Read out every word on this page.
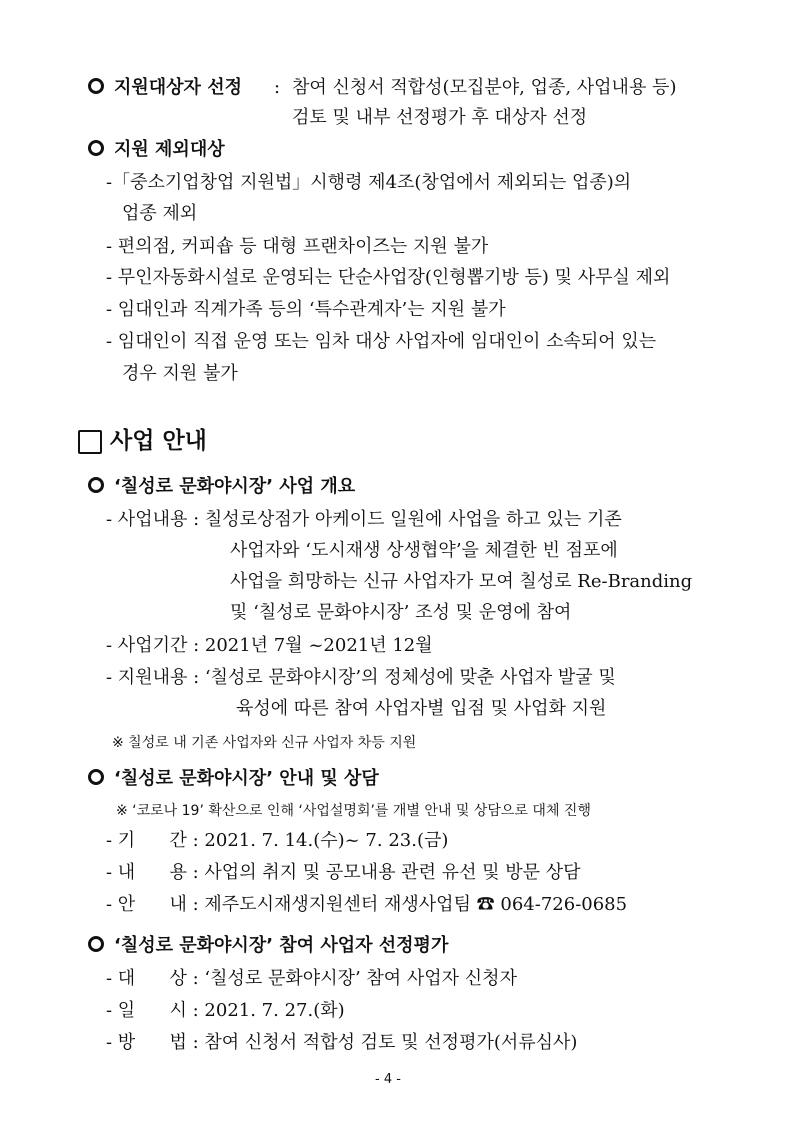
지원대상자 선정 : 참여 신청서 적합성(모집분야, 업종, 사업내용 등)
검토 및 내부 선정평가 후 대상자 선정
지원 제외대상
-「중소기업창업 지원법」시행령 제4조(창업에서 제외되는 업종)의
업종 제외
- 편의점, 커피숍 등 대형 프랜차이즈는 지원 불가
- 무인자동화시설로 운영되는 단순사업장(인형뽑기방 등) 및 사무실 제외
- 임대인과 직계가족 등의 ‘특수관계자’는 지원 불가
- 임대인이 직접 운영 또는 임차 대상 사업자에 임대인이 소속되어 있는
경우 지원 불가
사업 안내
‘칠성로 문화야시장’ 사업 개요
- 사업내용 : 칠성로상점가 아케이드 일원에 사업을 하고 있는 기존
사업자와 ‘도시재생 상생협약’을 체결한 빈 점포에
사업을 희망하는 신규 사업자가 모여 칠성로 Re-Branding
및 ‘칠성로 문화야시장’ 조성 및 운영에 참여
- 사업기간 : 2021년 7월 ~2021년 12월
- 지원내용 : ‘칠성로 문화야시장’의 정체성에 맞춘 사업자 발굴 및
육성에 따른 참여 사업자별 입점 및 사업화 지원
※ 칠성로 내 기존 사업자와 신규 사업자 차등 지원
‘칠성로 문화야시장’ 안내 및 상담
※ ‘코로나 19’ 확산으로 인해 ‘사업설명회’를 개별 안내 및 상담으로 대체 진행
- 기      간 : 2021. 7. 14.(수)~ 7. 23.(금)
- 내      용 : 사업의 취지 및 공모내용 관련 유선 및 방문 상담
- 안      내 : 제주도시재생지원센터 재생사업팀 ☎ 064-726-0685
‘칠성로 문화야시장’ 참여 사업자 선정평가
- 대      상 : ‘칠성로 문화야시장’ 참여 사업자 신청자
- 일      시 : 2021. 7. 27.(화)
- 방      법 : 참여 신청서 적합성 검토 및 선정평가(서류심사)
- 4 -
